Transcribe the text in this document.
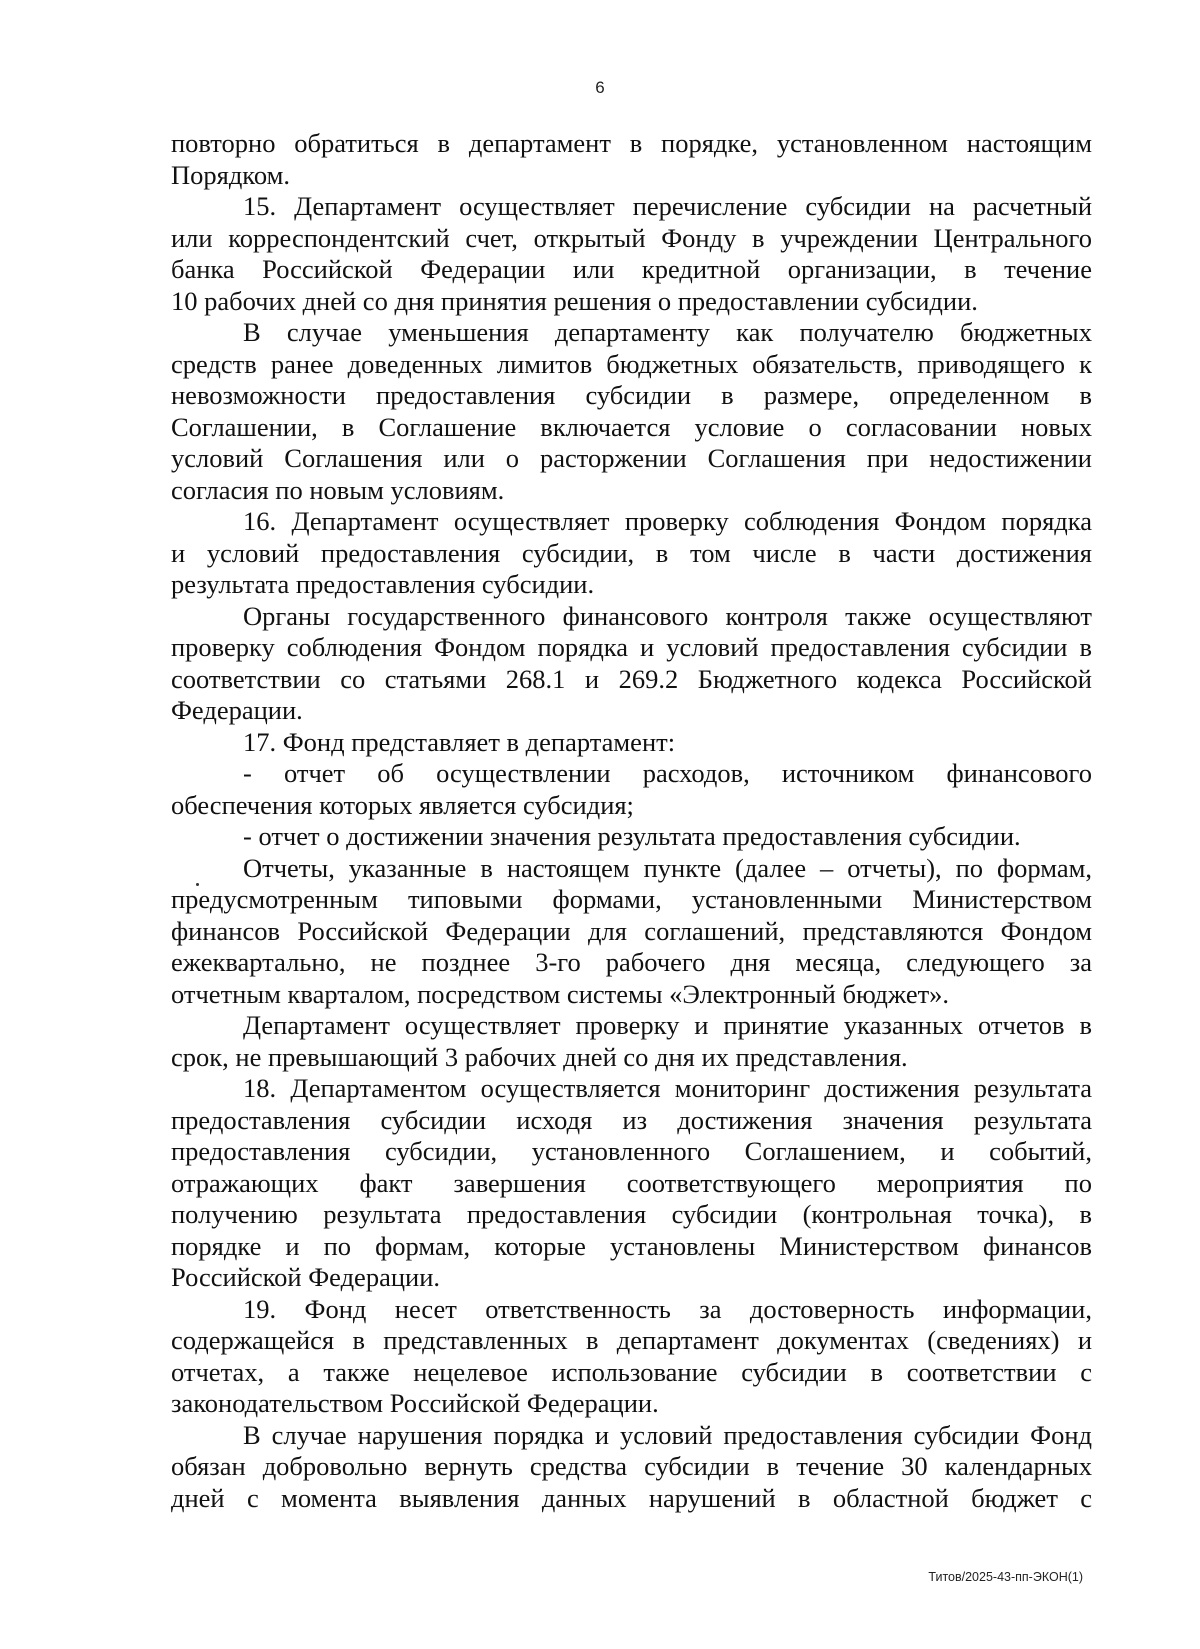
6
повторно обратиться в департамент в порядке, установленном настоящим
Порядком.
15. Департамент осуществляет перечисление субсидии на расчетный
или корреспондентский счет, открытый Фонду в учреждении Центрального
банка Российской Федерации или кредитной организации, в течение
10 рабочих дней со дня принятия решения о предоставлении субсидии.
В случае уменьшения департаменту как получателю бюджетных
средств ранее доведенных лимитов бюджетных обязательств, приводящего к
невозможности предоставления субсидии в размере, определенном в
Соглашении, в Соглашение включается условие о согласовании новых
условий Соглашения или о расторжении Соглашения при недостижении
согласия по новым условиям.
16. Департамент осуществляет проверку соблюдения Фондом порядка
и условий предоставления субсидии, в том числе в части достижения
результата предоставления субсидии.
Органы государственного финансового контроля также осуществляют
проверку соблюдения Фондом порядка и условий предоставления субсидии в
соответствии со статьями 268.1 и 269.2 Бюджетного кодекса Российской
Федерации.
17. Фонд представляет в департамент:
- отчет об осуществлении расходов, источником финансового
обеспечения которых является субсидия;
- отчет о достижении значения результата предоставления субсидии.
Отчеты, указанные в настоящем пункте (далее – отчеты), по формам,
предусмотренным типовыми формами, установленными Министерством
финансов Российской Федерации для соглашений, представляются Фондом
ежеквартально, не позднее 3-го рабочего дня месяца, следующего за
отчетным кварталом, посредством системы «Электронный бюджет».
Департамент осуществляет проверку и принятие указанных отчетов в
срок, не превышающий 3 рабочих дней со дня их представления.
18. Департаментом осуществляется мониторинг достижения результата
предоставления субсидии исходя из достижения значения результата
предоставления субсидии, установленного Соглашением, и событий,
отражающих факт завершения соответствующего мероприятия по
получению результата предоставления субсидии (контрольная точка), в
порядке и по формам, которые установлены Министерством финансов
Российской Федерации.
19. Фонд несет ответственность за достоверность информации,
содержащейся в представленных в департамент документах (сведениях) и
отчетах, а также нецелевое использование субсидии в соответствии с
законодательством Российской Федерации.
В случае нарушения порядка и условий предоставления субсидии Фонд
обязан добровольно вернуть средства субсидии в течение 30 календарных
дней с момента выявления данных нарушений в областной бюджет с
Титов/2025-43-пп-ЭКОН(1)
